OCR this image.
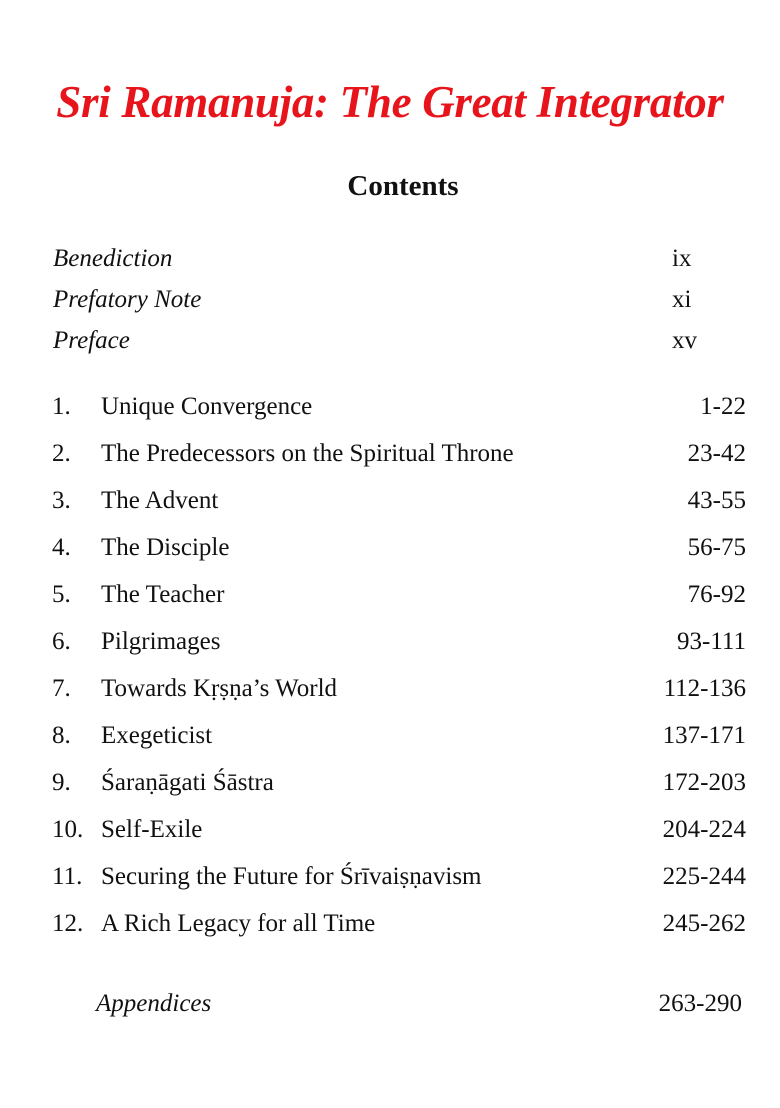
Sri Ramanuja: The Great Integrator
Contents
Benediction	ix
Prefatory Note	xi
Preface	xv
1. Unique Convergence	1-22
2. The Predecessors on the Spiritual Throne	23-42
3. The Advent	43-55
4. The Disciple	56-75
5. The Teacher	76-92
6. Pilgrimages	93-111
7. Towards Kṛṣṇa’s World	112-136
8. Exegeticist	137-171
9. Śaraṇāgati Śāstra	172-203
10. Self-Exile	204-224
11. Securing the Future for Śrīvaiṣṇavism	225-244
12. A Rich Legacy for all Time	245-262
Appendices	263-290
